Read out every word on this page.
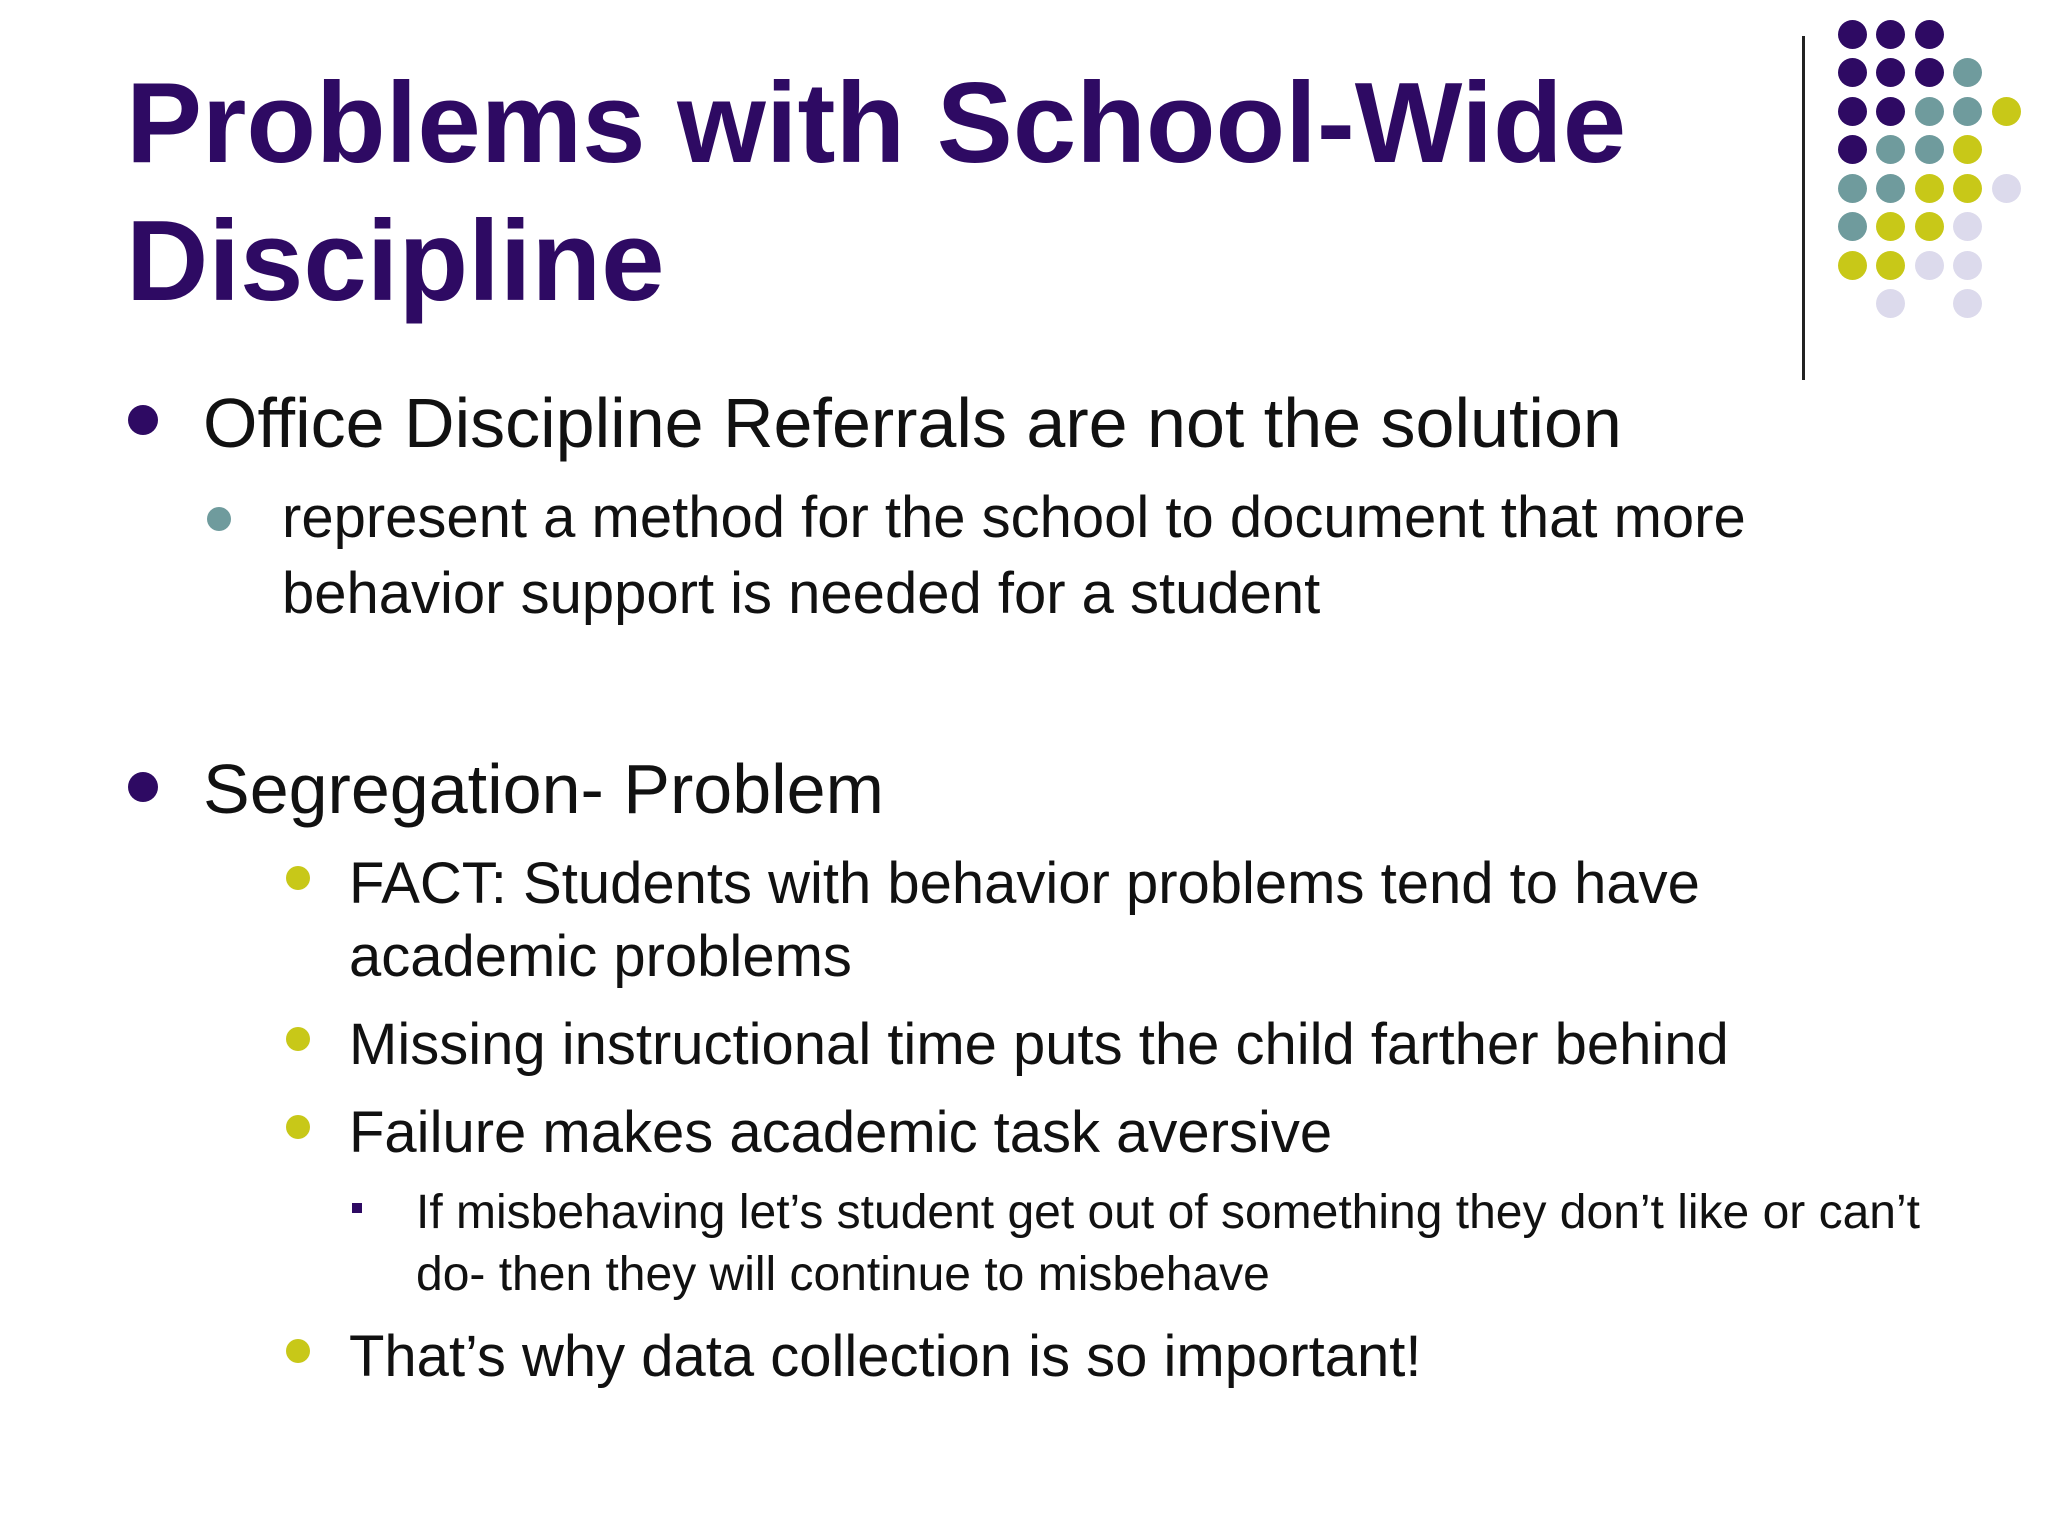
Problems with School-Wide
Discipline

Office Discipline Referrals are not the solution

represent a method for the school to document that more behavior support is needed for a student

Segregation- Problem

FACT: Students with behavior problems tend to have academic problems

Missing instructional time puts the child farther behind

Failure makes academic task aversive

If misbehaving let’s student get out of something they don’t like or can’t do- then they will continue to misbehave

That’s why data collection is so important!
